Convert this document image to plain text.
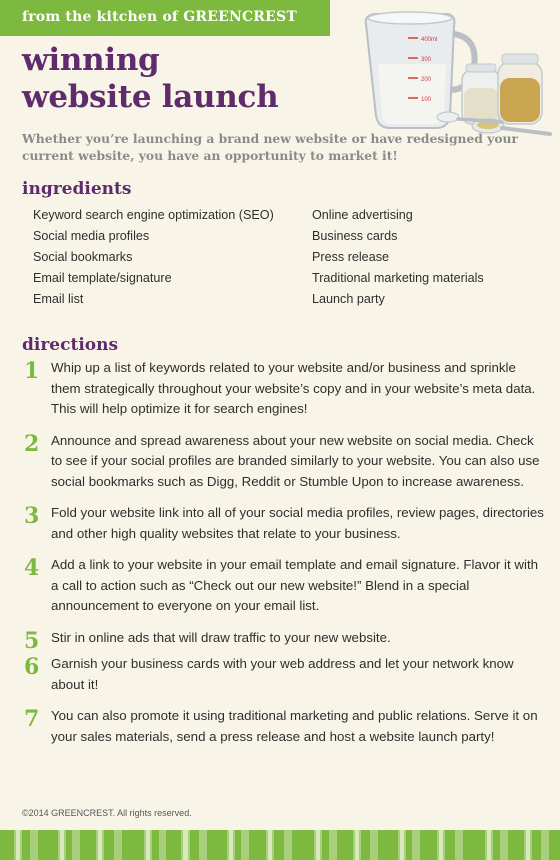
from the kitchen of GREENCREST
winning
website launch
400ml
300
200
100

Whether you’re launching a brand new website or have redesigned your current website, you have an opportunity to market it!

ingredients
Keyword search engine optimization (SEO)
Social media profiles
Social bookmarks
Email template/signature
Email list
Online advertising
Business cards
Press release
Traditional marketing materials
Launch party
directions
1 Whip up a list of keywords related to your website and/or business and sprinkle them strategically throughout your website’s copy and in your website’s meta data. This will help optimize it for search engines!
2 Announce and spread awareness about your new website on social media. Check to see if your social profiles are branded similarly to your website. You can also use social bookmarks such as Digg, Reddit or Stumble Upon to increase awareness.
3 Fold your website link into all of your social media profiles, review pages, directories and other high quality websites that relate to your business.
4 Add a link to your website in your email template and email signature. Flavor it with a call to action such as “Check out our new website!” Blend in a special announcement to everyone on your email list.
5 Stir in online ads that will draw traffic to your new website.
6 Garnish your business cards with your web address and let your network know about it!
7 You can also promote it using traditional marketing and public relations. Serve it on your sales materials, send a press release and host a website launch party!
©2014 GREENCREST. All rights reserved.
